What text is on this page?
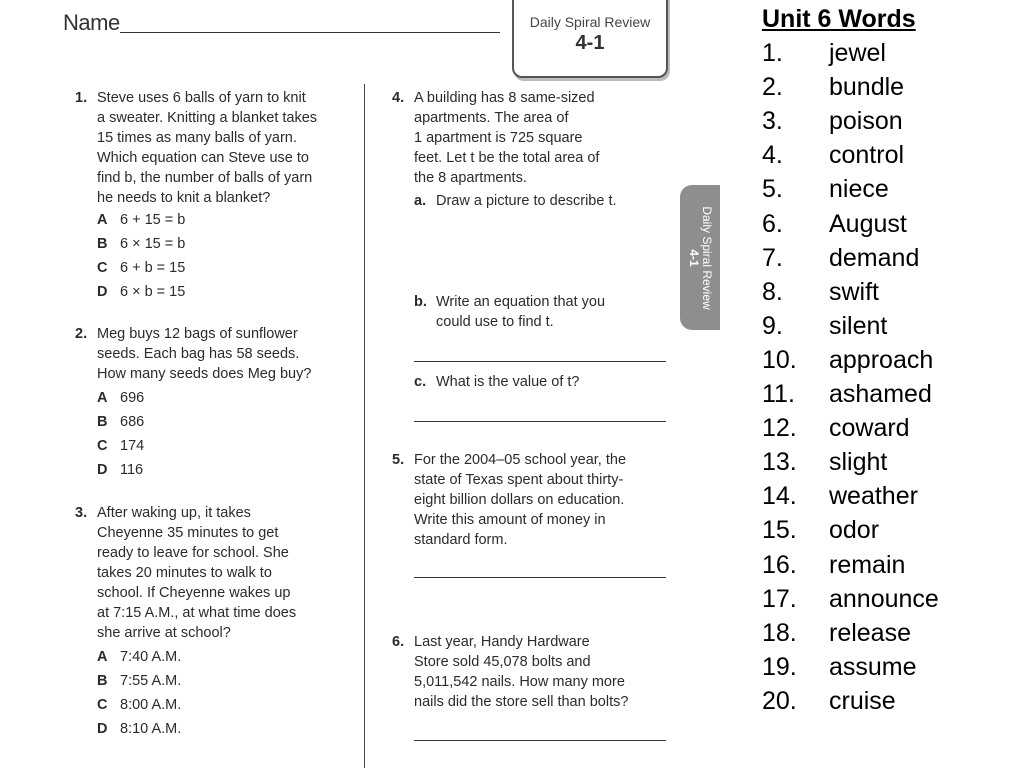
Name	Daily Spiral Review
4-1
1. Steve uses 6 balls of yarn to knit
a sweater. Knitting a blanket takes
15 times as many balls of yarn.
Which equation can Steve use to
find b, the number of balls of yarn
he needs to knit a blanket?
A 6 + 15 = b
B 6 × 15 = b
C 6 + b = 15
D 6 × b = 15
2. Meg buys 12 bags of sunflower
seeds. Each bag has 58 seeds.
How many seeds does Meg buy?
A 696
B 686
C 174
D 116
3. After waking up, it takes
Cheyenne 35 minutes to get
ready to leave for school. She
takes 20 minutes to walk to
school. If Cheyenne wakes up
at 7:15 A.M., at what time does
she arrive at school?
A 7:40 A.M.
B 7:55 A.M.
C 8:00 A.M.
D 8:10 A.M.
4. A building has 8 same-sized
apartments. The area of
1 apartment is 725 square
feet. Let t be the total area of
the 8 apartments.
a. Draw a picture to describe t.
b. Write an equation that you
could use to find t.
c. What is the value of t?
5. For the 2004–05 school year, the
state of Texas spent about thirty-
eight billion dollars on education.
Write this amount of money in
standard form.
6. Last year, Handy Hardware
Store sold 45,078 bolts and
5,011,542 nails. How many more
nails did the store sell than bolts?
Daily Spiral Review
4-1
Unit 6 Words
1.	jewel
2.	bundle
3.	poison
4.	control
5.	niece
6.	August
7.	demand
8.	swift
9.	silent
10.	approach
11.	ashamed
12.	coward
13.	slight
14.	weather
15.	odor
16.	remain
17.	announce
18.	release
19.	assume
20.	cruise
